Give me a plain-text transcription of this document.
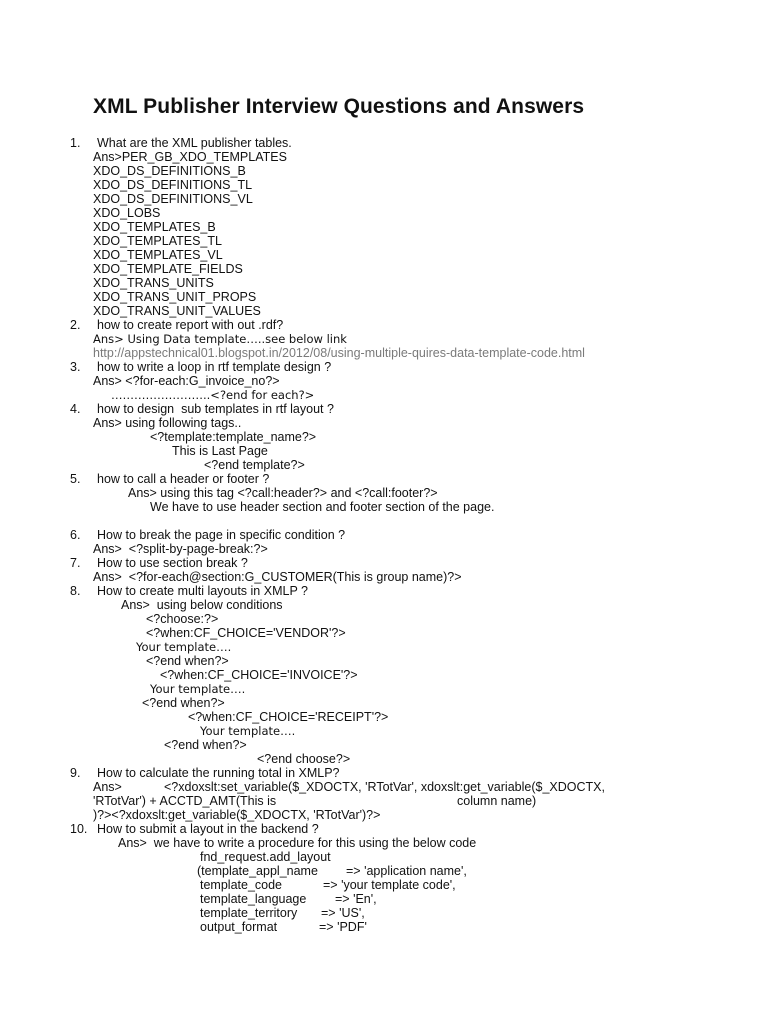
XML Publisher Interview Questions and Answers
1. What are the XML publisher tables.
Ans>PER_GB_XDO_TEMPLATES
XDO_DS_DEFINITIONS_B
XDO_DS_DEFINITIONS_TL
XDO_DS_DEFINITIONS_VL
XDO_LOBS
XDO_TEMPLATES_B
XDO_TEMPLATES_TL
XDO_TEMPLATES_VL
XDO_TEMPLATE_FIELDS
XDO_TRANS_UNITS
XDO_TRANS_UNIT_PROPS
XDO_TRANS_UNIT_VALUES
2. how to create report with out .rdf?
Ans> Using Data template…..see below link
http://appstechnical01.blogspot.in/2012/08/using-multiple-quires-data-template-code.html
3. how to write a loop in rtf template design ?
Ans> <?for-each:G_invoice_no?>
……………………..<?end for each?>
4. how to design  sub templates in rtf layout ?
Ans> using following tags..
<?template:template_name?>
This is Last Page
<?end template?>
5. how to call a header or footer ?
Ans> using this tag <?call:header?> and <?call:footer?>
We have to use header section and footer section of the page.
6. How to break the page in specific condition ?
Ans>  <?split-by-page-break:?>
7. How to use section break ?
Ans>  <?for-each@section:G_CUSTOMER(This is group name)?>
8. How to create multi layouts in XMLP ?
Ans>  using below conditions
<?choose:?>
<?when:CF_CHOICE='VENDOR'?>
Your template….
<?end when?>
<?when:CF_CHOICE='INVOICE'?>
Your template….
<?end when?>
<?when:CF_CHOICE='RECEIPT'?>
Your template….
<?end when?>
<?end choose?>
9. How to calculate the running total in XMLP?
Ans>	<?xdoxslt:set_variable($_XDOCTX, 'RTotVar', xdoxslt:get_variable($_XDOCTX,
'RTotVar') + ACCTD_AMT(This is	column name)
)?><?xdoxslt:get_variable($_XDOCTX, 'RTotVar')?>
10. How to submit a layout in the backend ?
Ans>  we have to write a procedure for this using the below code
fnd_request.add_layout
(template_appl_name => 'application name',
template_code	=> 'your template code',
template_language => 'En',
template_territory => 'US',
output_format	=> 'PDF'
